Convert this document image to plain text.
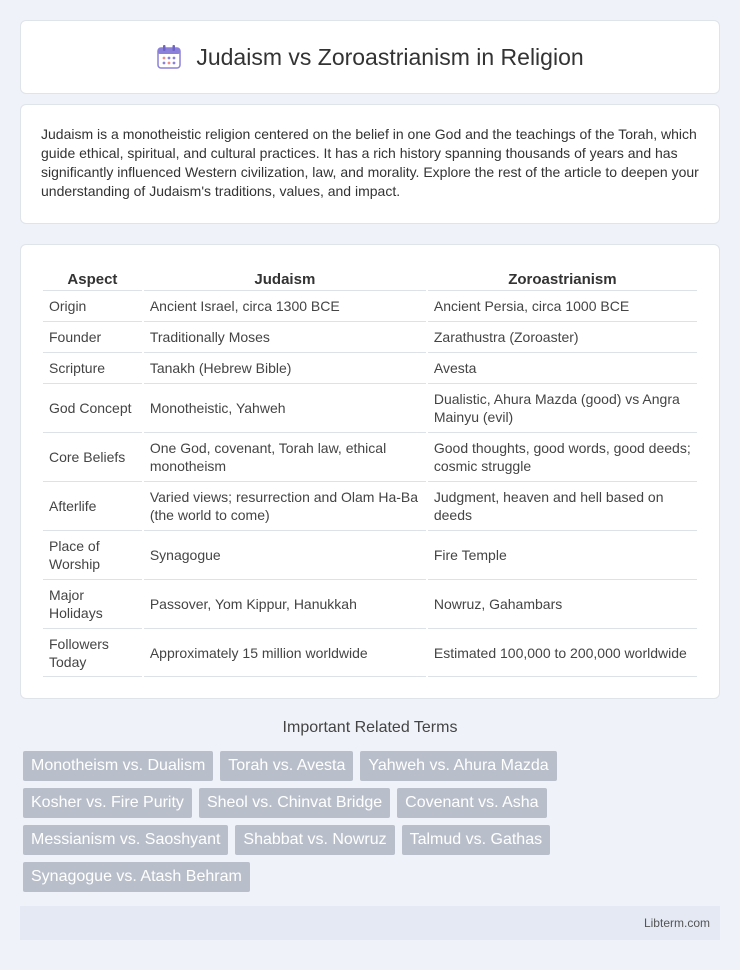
Judaism vs Zoroastrianism in Religion

Judaism is a monotheistic religion centered on the belief in one God and the teachings of the Torah, which guide ethical, spiritual, and cultural practices. It has a rich history spanning thousands of years and has significantly influenced Western civilization, law, and morality. Explore the rest of the article to deepen your understanding of Judaism's traditions, values, and impact.

Aspect	Judaism	Zoroastrianism
Origin	Ancient Israel, circa 1300 BCE	Ancient Persia, circa 1000 BCE
Founder	Traditionally Moses	Zarathustra (Zoroaster)
Scripture	Tanakh (Hebrew Bible)	Avesta
God Concept	Monotheistic, Yahweh	Dualistic, Ahura Mazda (good) vs Angra Mainyu (evil)
Core Beliefs	One God, covenant, Torah law, ethical monotheism	Good thoughts, good words, good deeds; cosmic struggle
Afterlife	Varied views; resurrection and Olam Ha-Ba (the world to come)	Judgment, heaven and hell based on deeds
Place of Worship	Synagogue	Fire Temple
Major Holidays	Passover, Yom Kippur, Hanukkah	Nowruz, Gahambars
Followers Today	Approximately 15 million worldwide	Estimated 100,000 to 200,000 worldwide
Important Related Terms
Monotheism vs. Dualism	Torah vs. Avesta	Yahweh vs. Ahura Mazda
Kosher vs. Fire Purity	Sheol vs. Chinvat Bridge	Covenant vs. Asha
Messianism vs. Saoshyant	Shabbat vs. Nowruz	Talmud vs. Gathas
Synagogue vs. Atash Behram
Libterm.com
